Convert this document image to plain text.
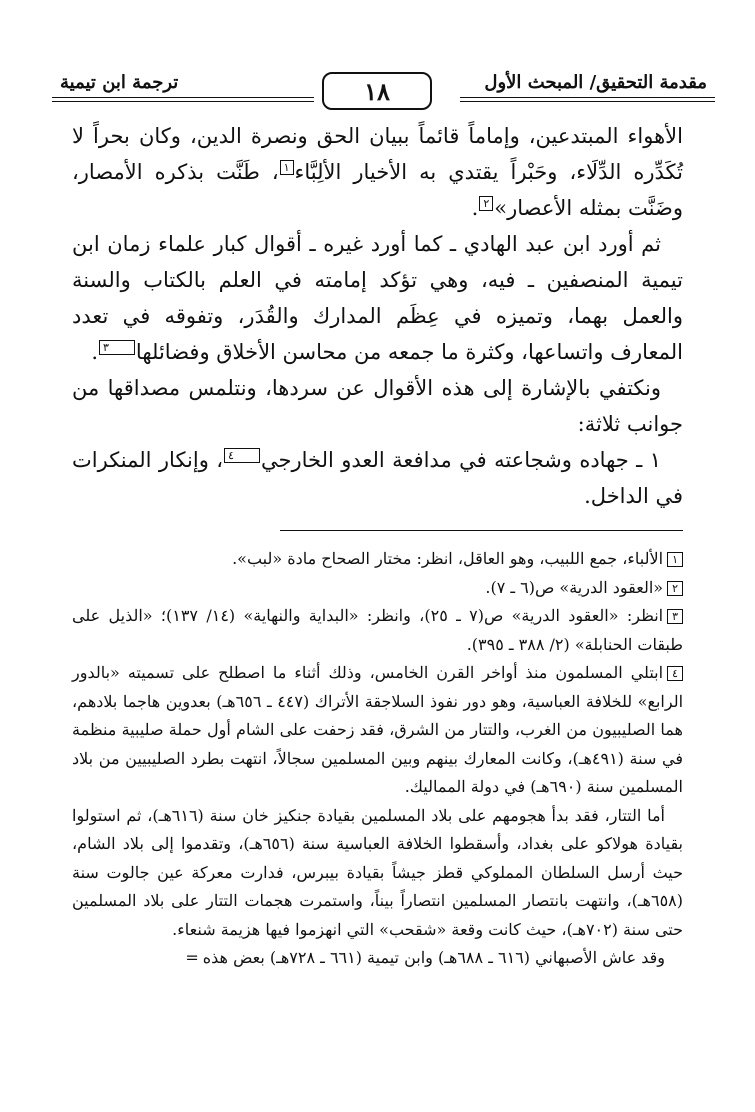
ترجمة ابن تيمية	مقدمة التحقيق/ المبحث الأول
١٨

الأهواء المبتدعين، وإماماً قائماً ببيان الحق ونصرة الدين، وكان بحراً لا تُكَدِّره الدِّلَاء، وحَبْراً يقتدي به الأخيار الألِبَّاء١، طَنَّت بذكره الأمصار، وضَنَّت بمثله الأعصار»٢.

ثم أورد ابن عبد الهادي ـ كما أورد غيره ـ أقوال كبار علماء زمان ابن تيمية المنصفين ـ فيه، وهي تؤكد إمامته في العلم بالكتاب والسنة والعمل بهما، وتميزه في عِظَم المدارك والقُدَر، وتفوقه في تعدد المعارف واتساعها، وكثرة ما جمعه من محاسن الأخلاق وفضائلها٣.

ونكتفي بالإشارة إلى هذه الأقوال عن سردها، ونتلمس مصداقها من جوانب ثلاثة:

١ ـ جهاده وشجاعته في مدافعة العدو الخارجي٤، وإنكار المنكرات في الداخل.

١الألباء، جمع اللبيب، وهو العاقل، انظر: مختار الصحاح مادة «لبب».

٢«العقود الدرية» ص(٦ ـ ٧).

٣انظر: «العقود الدرية» ص(٧ ـ ٢٥)، وانظر: «البداية والنهاية» (١٤/ ١٣٧)؛ «الذيل على طبقات الحنابلة» (٢/ ٣٨٨ ـ ٣٩٥).

٤ابتلي المسلمون منذ أواخر القرن الخامس، وذلك أثناء ما اصطلح على تسميته «بالدور الرابع» للخلافة العباسية، وهو دور نفوذ السلاجقة الأتراك (٤٤٧ ـ ٦٥٦هـ) بعدوين هاجما بلادهم، هما الصليبيون من الغرب، والتتار من الشرق، فقد زحفت على الشام أول حملة صليبية منظمة في سنة (٤٩١هـ)، وكانت المعارك بينهم وبين المسلمين سجالاً، انتهت بطرد الصليبيين من بلاد المسلمين سنة (٦٩٠هـ) في دولة المماليك.

أما التتار، فقد بدأ هجومهم على بلاد المسلمين بقيادة جنكيز خان سنة (٦١٦هـ)، ثم استولوا بقيادة هولاكو على بغداد، وأسقطوا الخلافة العباسية سنة (٦٥٦هـ)، وتقدموا إلى بلاد الشام، حيث أرسل السلطان المملوكي قطز جيشاً بقيادة بيبرس، فدارت معركة عين جالوت سنة (٦٥٨هـ)، وانتهت بانتصار المسلمين انتصاراً بيناً، واستمرت هجمات التتار على بلاد المسلمين حتى سنة (٧٠٢هـ)، حيث كانت وقعة «شقحب» التي انهزموا فيها هزيمة شنعاء.

وقد عاش الأصبهاني (٦١٦ ـ ٦٨٨هـ) وابن تيمية (٦٦١ ـ ٧٢٨هـ) بعض هذه=
